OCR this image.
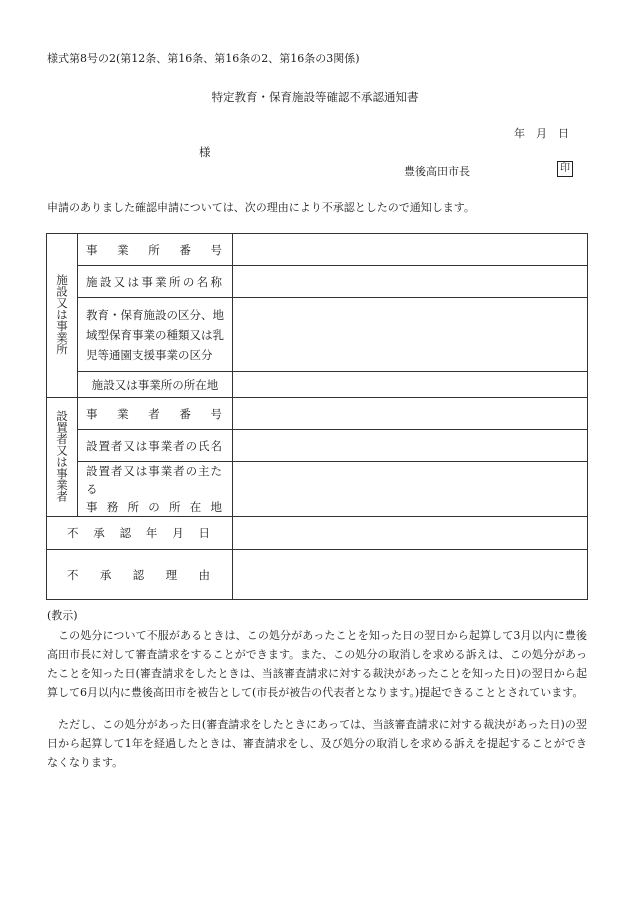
様式第8号の2(第12条、第16条、第16条の2、第16条の3関係)
特定教育・保育施設等確認不承認通知書
年　月　日
様
豊後高田市長	印
申請のありました確認申請については、次の理由により不承認としたので通知します。
施設又は事業所	事業所番号	

	施設又は事業所の名称	

	教育・保育施設の区分、地域型保育事業の種類又は乳児等通園支援事業の区分	
	施設又は事業所の所在地	
設置者又は事業者	事業者番号	

	設置者又は事業者の氏名	

	設置者又は事業者の主たる
事務所の所在地	

不承認年月日		

不承認理由		

(教示)
この処分について不服があるときは、この処分があったことを知った日の翌日から起算して3月以内に豊後高田市長に対して審査請求をすることができます。また、この処分の取消しを求める訴えは、この処分があったことを知った日(審査請求をしたときは、当該審査請求に対する裁決があったことを知った日)の翌日から起算して6月以内に豊後高田市を被告として(市長が被告の代表者となります。)提起できることとされています。
ただし、この処分があった日(審査請求をしたときにあっては、当該審査請求に対する裁決があった日)の翌日から起算して1年を経過したときは、審査請求をし、及び処分の取消しを求める訴えを提起することができなくなります。
